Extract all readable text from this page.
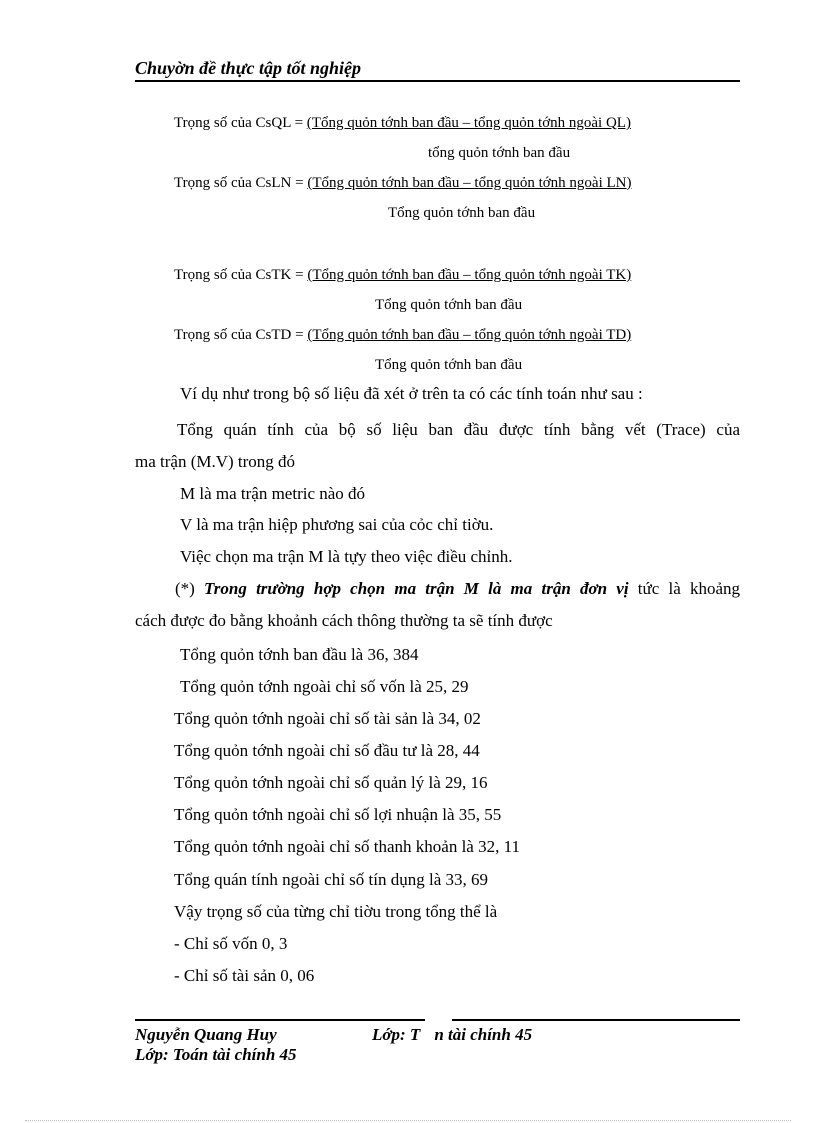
Chuyờn đề thực tập tốt nghiệp
Trọng số của CsQL = (Tổng quỏn tớnh ban đầu – tổng quỏn tớnh ngoài QL)
tổng quỏn tớnh ban đầu
Trọng số của CsLN = (Tổng quỏn tớnh ban đầu – tổng quỏn tớnh ngoài LN)
Tổng quỏn tớnh ban đầu
Trọng số của CsTK = (Tổng quỏn tớnh ban đầu – tổng quỏn tớnh ngoài TK)
Tổng quỏn tớnh ban đầu
Trọng số của CsTD = (Tổng quỏn tớnh ban đầu – tổng quỏn tớnh ngoài TD)
Tổng quỏn tớnh ban đầu
Ví dụ như trong bộ số liệu đã xét ở trên ta có các tính toán như sau :
Tổng quán tính của bộ số liệu ban đầu được tính bằng vết (Trace) của
ma trận (M.V) trong đó
M là ma trận metric nào đó
V là ma trận hiệp phương sai của cỏc chỉ tiờu.
Việc chọn ma trận M là tựy theo việc điều chỉnh.
(*) Trong trường hợp chọn ma trận M là ma trận đơn vị tức là khoảng
cách được đo bằng khoảnh cách thông thường ta sẽ tính được
Tổng quỏn tớnh ban đầu là 36, 384
Tổng quỏn tớnh ngoài chỉ số vốn là 25, 29
Tổng quỏn tớnh ngoài chỉ số tài sản là 34, 02
Tổng quỏn tớnh ngoài chỉ số đầu tư là 28, 44
Tổng quỏn tớnh ngoài chỉ số quản lý là 29, 16
Tổng quỏn tớnh ngoài chỉ số lợi nhuận là 35, 55
Tổng quỏn tớnh ngoài chỉ số thanh khoản là 32, 11
Tổng quán tính ngoài chỉ số tín dụng là 33, 69
Vậy trọng số của từng chỉ tiờu trong tổng thể là
- Chỉ số vốn 0, 3
- Chỉ số tài sản 0, 06
Nguyễn Quang Huy	Lớp: T n tài chính 45
Lớp: Toán tài chính 45
